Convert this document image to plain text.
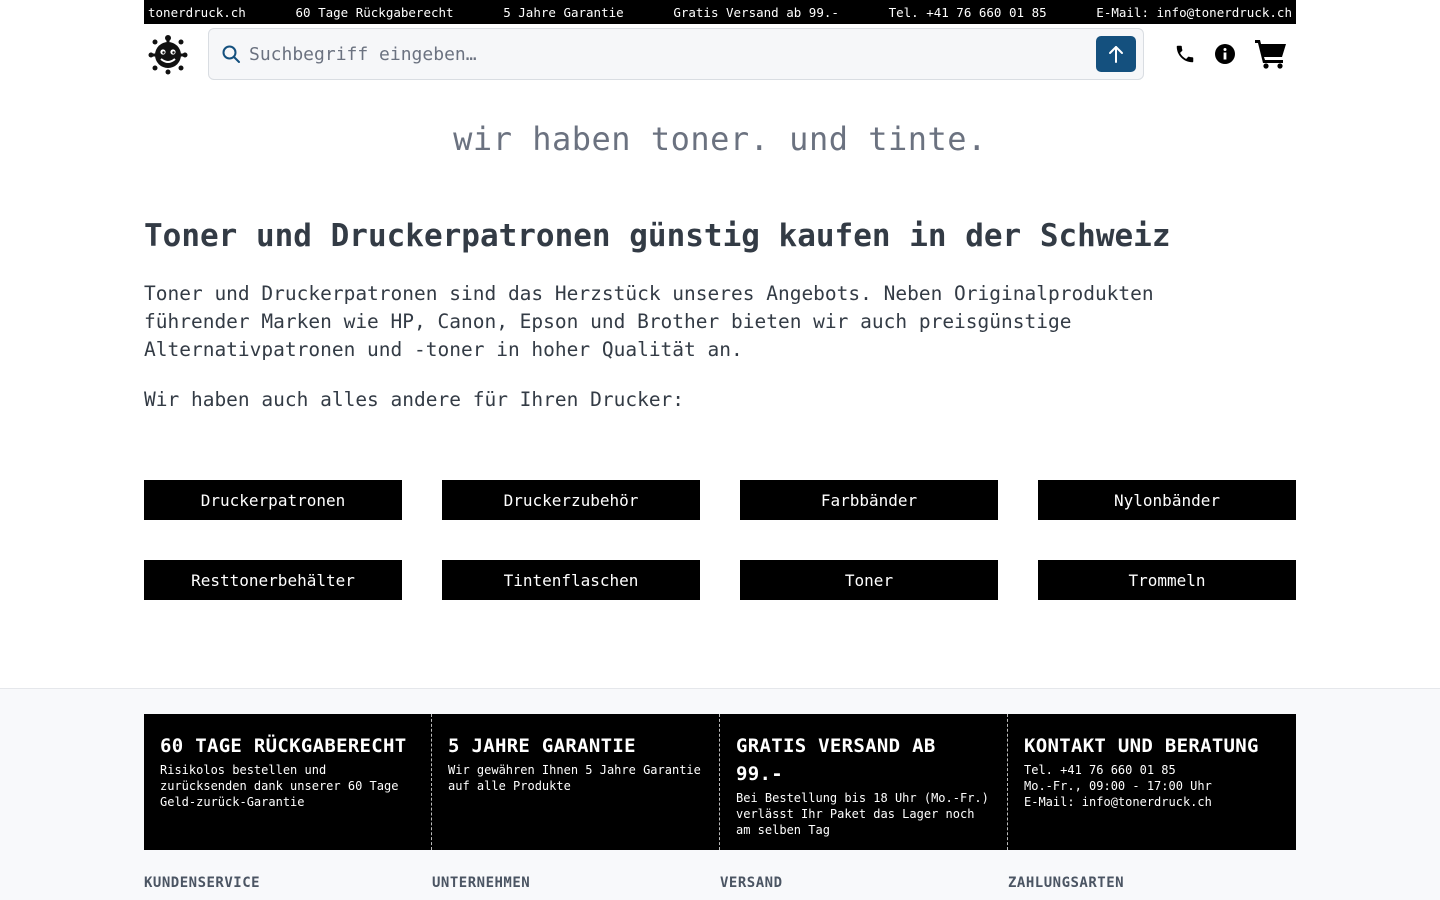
tonerdruck.ch	60 Tage Rückgaberecht	5 Jahre Garantie	Gratis Versand ab 99.-	Tel. +41 76 660 01 85	E-Mail: info@tonerdruck.ch
Suchbegriff eingeben…
wir haben toner. und tinte.
Toner und Druckerpatronen günstig kaufen in der Schweiz

Toner und Druckerpatronen sind das Herzstück unseres Angebots. Neben Originalprodukten führender Marken wie HP, Canon, Epson und Brother bieten wir auch preisgünstige Alternativpatronen und -toner in hoher Qualität an.

Wir haben auch alles andere für Ihren Drucker:

Druckerpatronen	Druckerzubehör	Farbbänder	Nylonbänder
Resttonerbehälter	Tintenflaschen	Toner	Trommeln
60 TAGE RÜCKGABERECHT

Risikolos bestellen und zurücksenden dank unserer 60 Tage Geld-zurück-Garantie

5 JAHRE GARANTIE

Wir gewähren Ihnen 5 Jahre Garantie auf alle Produkte

GRATIS VERSAND AB 99.-

Bei Bestellung bis 18 Uhr (Mo.-Fr.) verlässt Ihr Paket das Lager noch am selben Tag

KONTAKT UND BERATUNG

Tel. +41 76 660 01 85
Mo.-Fr., 09:00 - 17:00 Uhr
E-Mail: info@tonerdruck.ch

KUNDENSERVICE	UNTERNEHMEN	VERSAND	ZAHLUNGSARTEN
